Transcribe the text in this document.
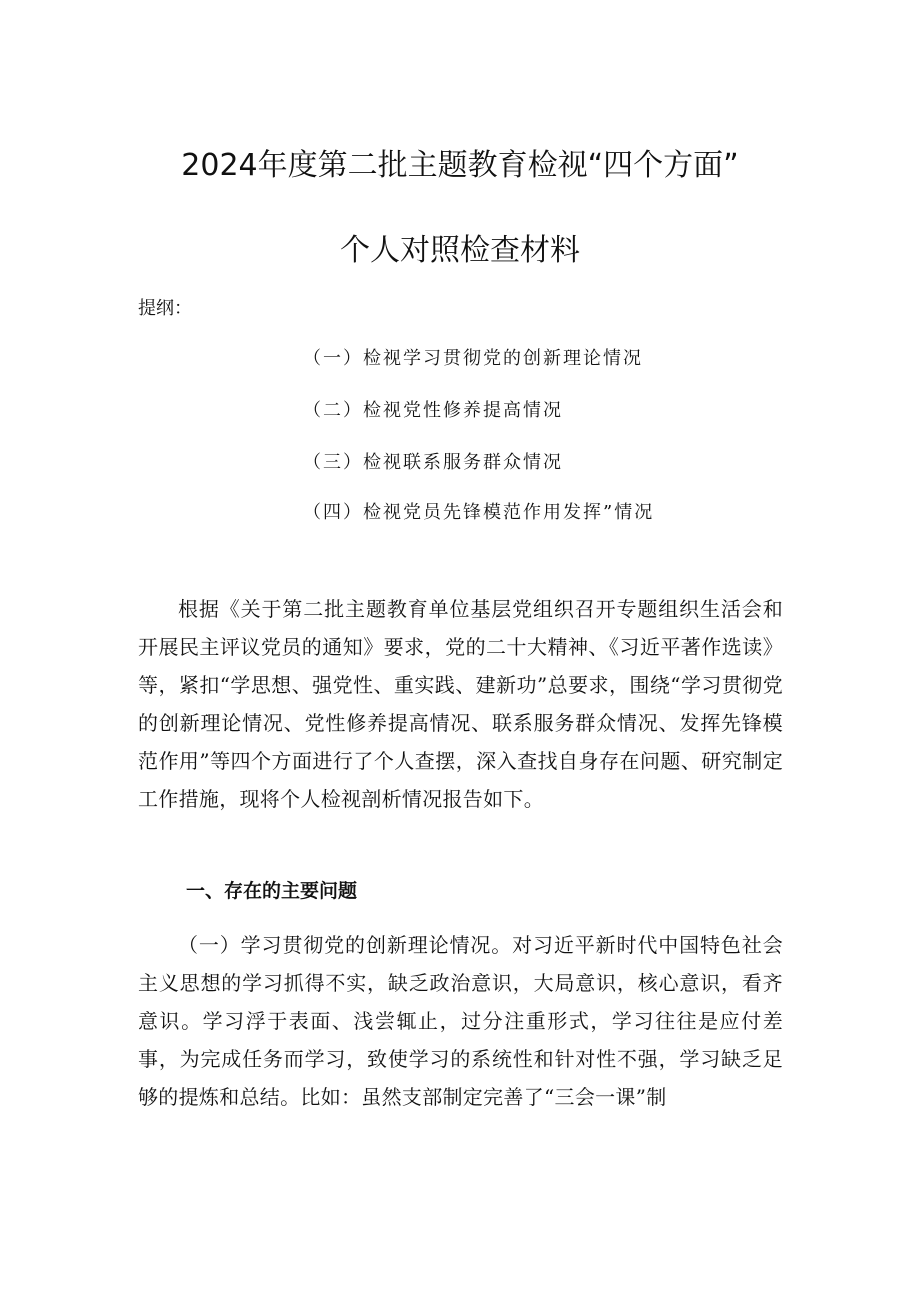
2024年度第二批主题教育检视“四个方面”
个人对照检查材料
提纲：
（一）检视学习贯彻党的创新理论情况
（二）检视党性修养提高情况
（三）检视联系服务群众情况
（四）检视党员先锋模范作用发挥”情况

根据《关于第二批主题教育单位基层党组织召开专题组织生活会和开展民主评议党员的通知》要求，党的二十大精神、《习近平著作选读》等，紧扣“学思想、强党性、重实践、建新功”总要求，围绕“学习贯彻党的创新理论情况、党性修养提高情况、联系服务群众情况、发挥先锋模范作用”等四个方面进行了个人查摆，深入查找自身存在问题、研究制定工作措施，现将个人检视剖析情况报告如下。

一、存在的主要问题

（一）学习贯彻党的创新理论情况。对习近平新时代中国特色社会主义思想的学习抓得不实，缺乏政治意识，大局意识，核心意识，看齐意识。学习浮于表面、浅尝辄止，过分注重形式，学习往往是应付差事，为完成任务而学习，致使学习的系统性和针对性不强，学习缺乏足够的提炼和总结。比如：虽然支部制定完善了“三会一课”制
